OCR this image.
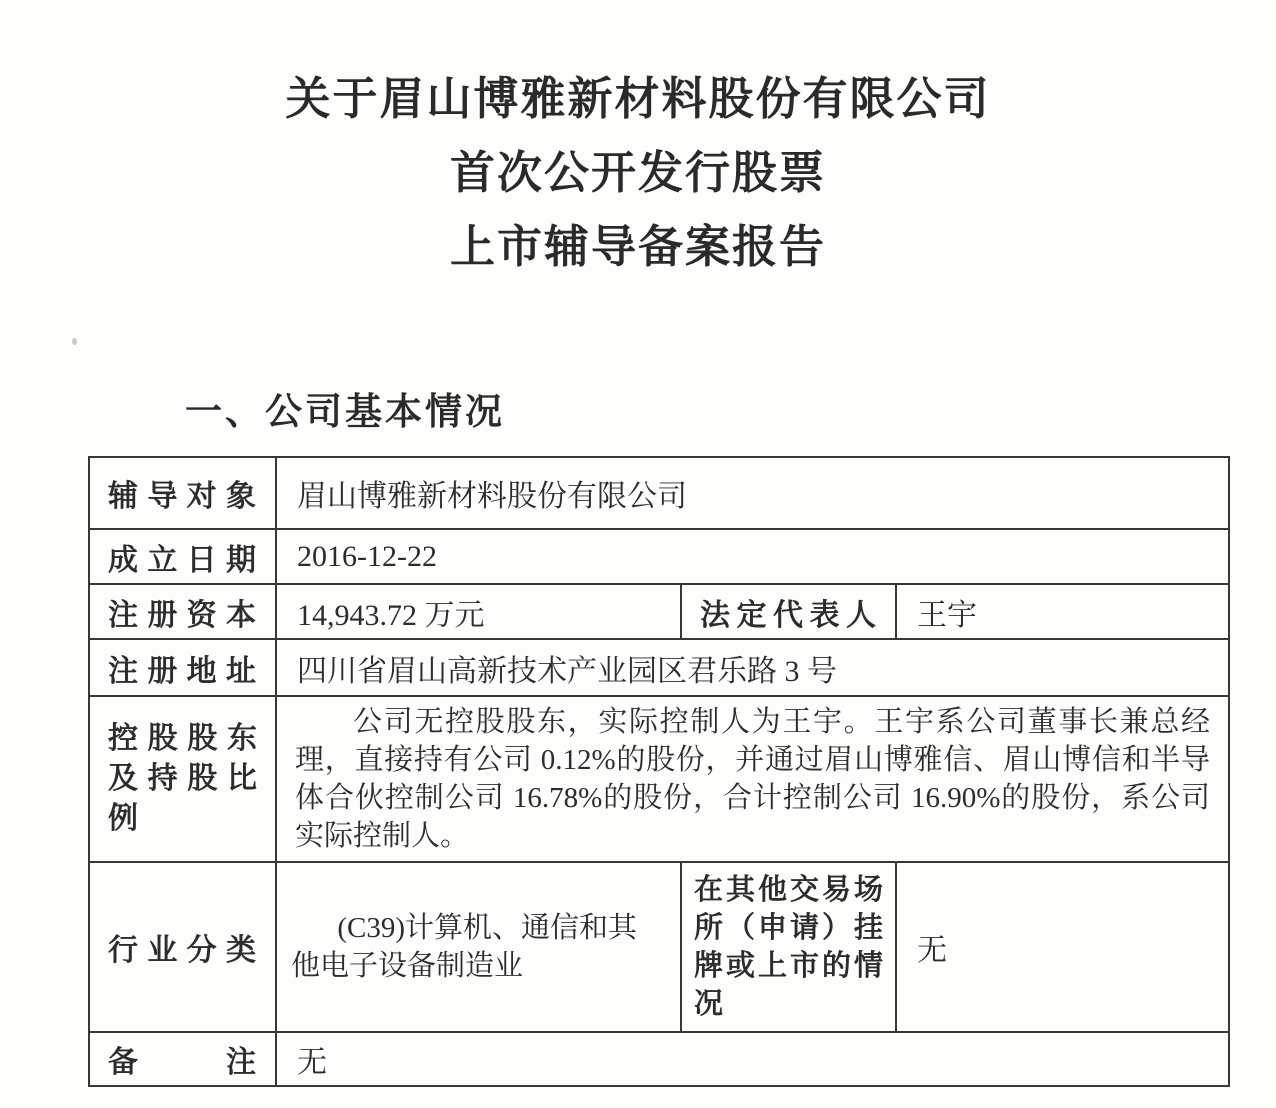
关于眉山博雅新材料股份有限公司
首次公开发行股票
上市辅导备案报告
一、公司基本情况
辅导对象	眉山博雅新材料股份有限公司		
成立日期	2016-12-22		
注册资本	14,943.72 万元	法定代表人	王宇
注册地址	四川省眉山高新技术产业园区君乐路 3 号		
控股股东及持股比例	公司无控股股东，实际控制人为王宇。王宇系公司董事长兼总经理，直接持有公司 0.12%的股份，并通过眉山博雅信、眉山博信和半导体合伙控制公司 16.78%的股份，合计控制公司 16.90%的股份，系公司实际控制人。		
行业分类	(C39)计算机、通信和其他电子设备制造业	在其他交易场所（申请）挂牌或上市的情况	无
备注	无		
